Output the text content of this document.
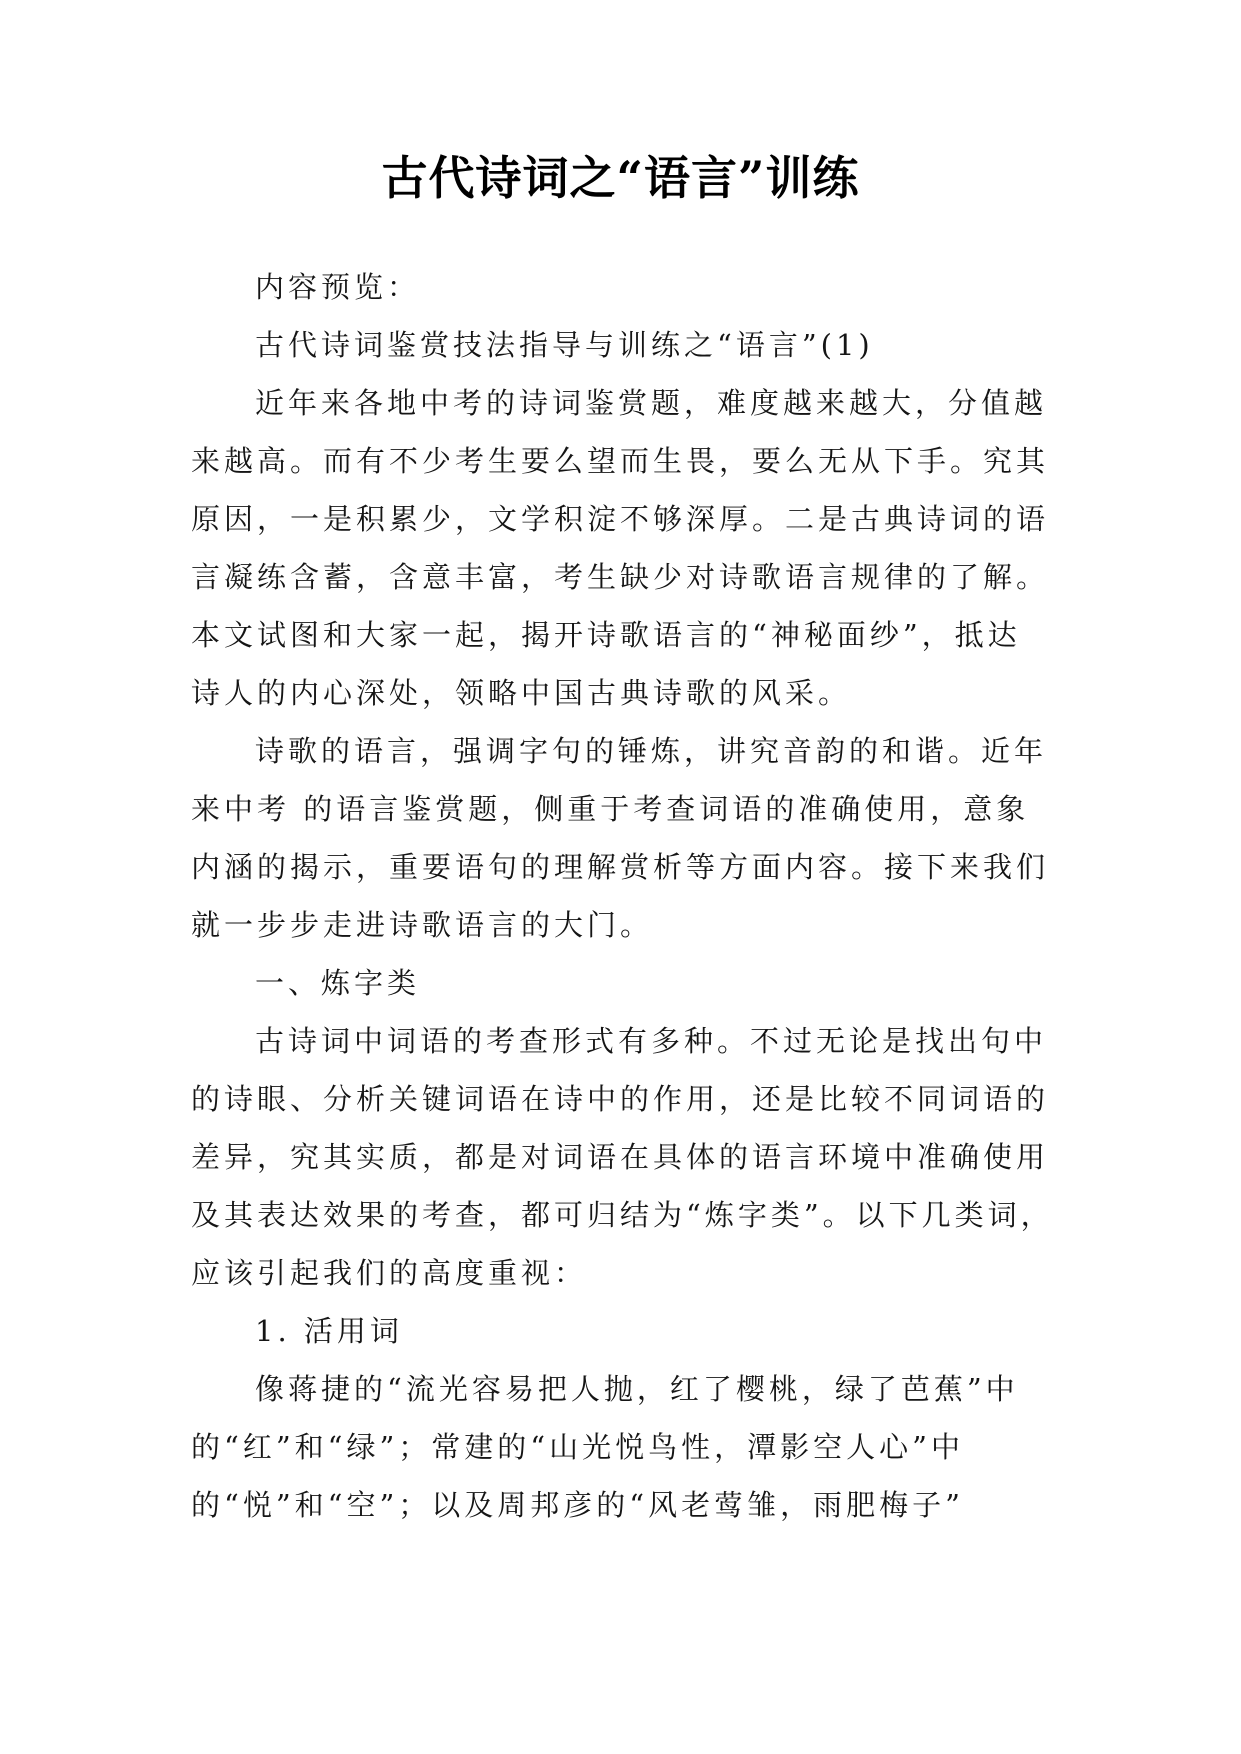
古代诗词之“语言”训练

内容预览：

古代诗词鉴赏技法指导与训练之“语言”(1)

近年来各地中考的诗词鉴赏题，难度越来越大，分值越
来越高。而有不少考生要么望而生畏，要么无从下手。究其
原因，一是积累少，文学积淀不够深厚。二是古典诗词的语
言凝练含蓄，含意丰富，考生缺少对诗歌语言规律的了解。
本文试图和大家一起，揭开诗歌语言的“神秘面纱”，抵达
诗人的内心深处，领略中国古典诗歌的风采。

诗歌的语言，强调字句的锤炼，讲究音韵的和谐。近年
来中考 的语言鉴赏题，侧重于考查词语的准确使用，意象
内涵的揭示，重要语句的理解赏析等方面内容。接下来我们
就一步步走进诗歌语言的大门。

一、炼字类

古诗词中词语的考查形式有多种。不过无论是找出句中
的诗眼、分析关键词语在诗中的作用，还是比较不同词语的
差异，究其实质，都是对词语在具体的语言环境中准确使用
及其表达效果的考查，都可归结为“炼字类”。以下几类词，
应该引起我们的高度重视：

1. 活用词

像蒋捷的“流光容易把人抛，红了樱桃，绿了芭蕉”中
的“红”和“绿”；常建的“山光悦鸟性，潭影空人心”中
的“悦”和“空”；以及周邦彦的“风老莺雏，雨肥梅子”
